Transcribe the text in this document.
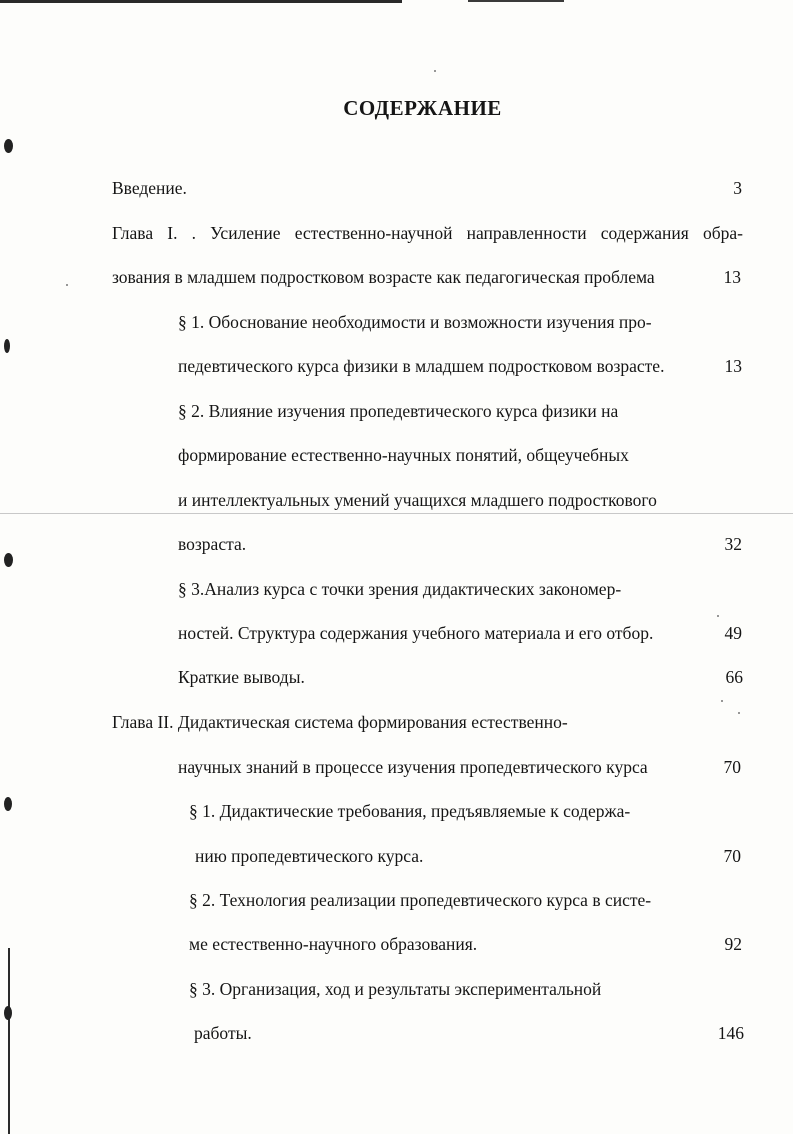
СОДЕРЖАНИЕ
Введение.	3
Глава I. . Усиление естественно-научной направленности содержания обра-
зования в младшем подростковом возрасте как педагогическая проблема	13
§ 1. Обоснование необходимости и возможности изучения про-
педевтического курса физики в младшем подростковом возрасте.	13
§ 2. Влияние изучения пропедевтического курса физики на
формирование естественно-научных понятий, общеучебных
и интеллектуальных умений учащихся младшего подросткового
возраста.	32
§ 3.Анализ курса с точки зрения дидактических закономер-
ностей. Структура содержания учебного материала и его отбор.	49
Краткие выводы.	66
Глава II. Дидактическая система формирования естественно-
научных знаний в процессе изучения пропедевтического курса	70
§ 1. Дидактические требования, предъявляемые к содержа-
нию пропедевтического курса.	70
§ 2. Технология реализации пропедевтического курса в систе-
ме естественно-научного образования.	92
§ 3. Организация, ход и результаты экспериментальной
работы.	146
